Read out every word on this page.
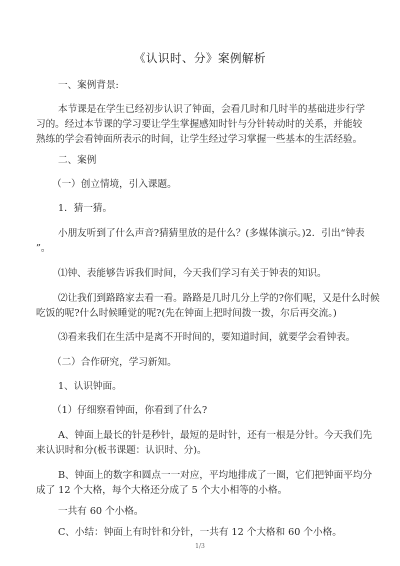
《认识时、分》案例解析
一、案例背景:
本节课是在学生已经初步认识了钟面，会看几时和几时半的基础进步行学
习的。经过本节课的学习要让学生掌握感知时针与分针转动时的关系，并能较
熟练的学会看钟面所表示的时间，让学生经过学习掌握一些基本的生活经验。
二、案例
（一）创立情境，引入课题。
1．猜一猜。
小朋友听到了什么声音?猜猜里放的是什么？(多媒体演示。)2．引出“钟表
”。
⑴钟、表能够告诉我们时间，今天我们学习有关于钟表的知识。
⑵让我们到路路家去看一看。路路是几时几分上学的?你们呢，又是什么时候
吃饭的呢?什么时候睡觉的呢?(先在钟面上把时间拨一拨，尔后再交流。)
⑶看来我们在生活中是离不开时间的，要知道时间，就要学会看钟表。
（二）合作研究，学习新知。
1、认识钟面。
（1）仔细察看钟面，你看到了什么?
A、钟面上最长的针是秒针，最短的是时针，还有一根是分针。今天我们先
来认识时和分(板书课题：认识时、分)。
B、钟面上的数字和圆点一一对应，平均地排成了一圈，它们把钟面平均分
成了 12 个大格，每个大格还分成了 5 个大小相等的小格。
一共有 60 个小格。
C、小结：钟面上有时针和分针，一共有 12 个大格和 60 个小格。
1/3
